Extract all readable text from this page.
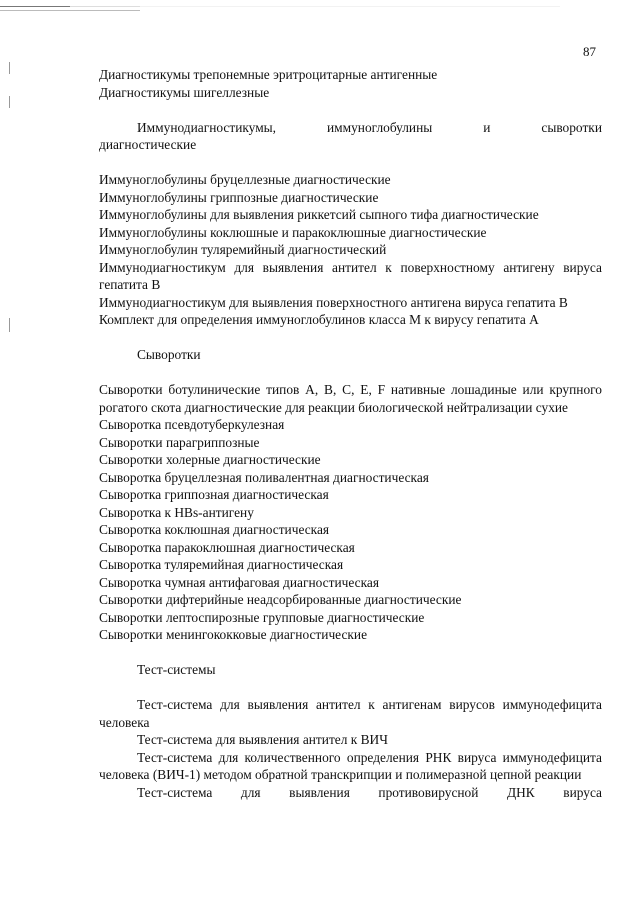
87

Диагностикумы трепонемные эритроцитарные антигенные

Диагностикумы шигеллезные

Иммунодиагностикумы,	иммуноглобулины	и	сыворотки

диагностические

Иммуноглобулины бруцеллезные диагностические

Иммуноглобулины гриппозные диагностические

Иммуноглобулины для выявления риккетсий сыпного тифа диагностические

Иммуноглобулины коклюшные и паракоклюшные диагностические

Иммуноглобулин туляремийный диагностический

Иммунодиагностикум для выявления антител к поверхностному антигену вируса гепатита В

Иммунодиагностикум для выявления поверхностного антигена вируса гепатита В

Комплект для определения иммуноглобулинов класса М к вирусу гепатита А

Сыворотки

Сыворотки ботулинические типов А, В, С, Е, F нативные лошадиные или крупного рогатого скота диагностические для реакции биологической нейтрализации сухие

Сыворотка псевдотуберкулезная

Сыворотки парагриппозные

Сыворотки холерные диагностические

Сыворотка бруцеллезная поливалентная диагностическая

Сыворотка гриппозная диагностическая

Сыворотка к HBs-антигену

Сыворотка коклюшная диагностическая

Сыворотка паракоклюшная диагностическая

Сыворотка туляремийная диагностическая

Сыворотка чумная антифаговая диагностическая

Сыворотки дифтерийные неадсорбированные диагностические

Сыворотки лептоспирозные групповые диагностические

Сыворотки менингококковые диагностические

Тест-системы

Тест-система для выявления антител к антигенам вирусов иммунодефицита человека

Тест-система для выявления антител к ВИЧ

Тест-система для количественного определения РНК вируса иммунодефицита человека (ВИЧ-1) методом обратной транскрипции и полимеразной цепной реакции

Тест-система для выявления противовирусной ДНК вируса
